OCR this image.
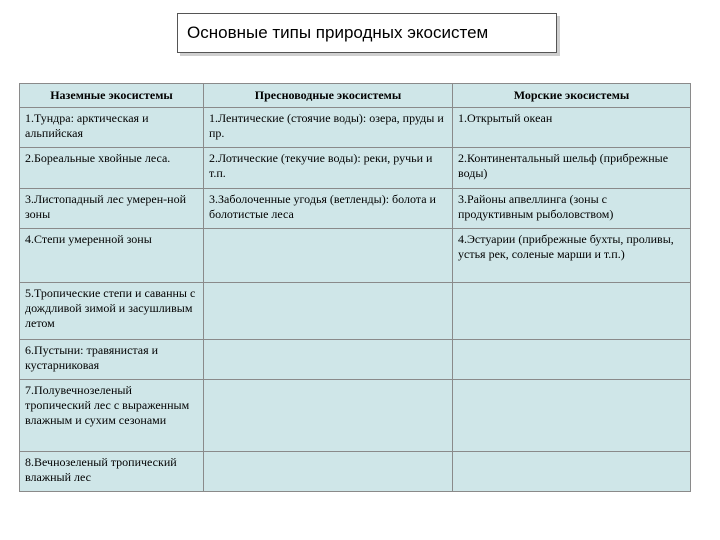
Основные типы природных экосистем
Наземные экосистемы	Пресноводные экосистемы	Морские экосистемы
1.Тундра: арктическая и альпийская	1.Лентические (стоячие воды): озера, пруды и пр.	1.Открытый океан
2.Бореальные хвойные леса.	2.Лотические (текучие воды): реки, ручьи и т.п.	2.Континентальный шельф (прибрежные воды)
3.Листопадный лес умерен-ной зоны	3.Заболоченные угодья (ветленды): болота и болотистые леса	3.Районы апвеллинга (зоны с продуктивным рыболовством)
4.Степи умеренной зоны		4.Эстуарии (прибрежные бухты, проливы, устья рек, соленые марши и т.п.)
5.Тропические степи и саванны с дождливой зимой и засушливым летом		
6.Пустыни: травянистая и кустарниковая		
7.Полувечнозеленый тропический лес с выраженным влажным и сухим сезонами		
8.Вечнозеленый тропический влажный лес		
